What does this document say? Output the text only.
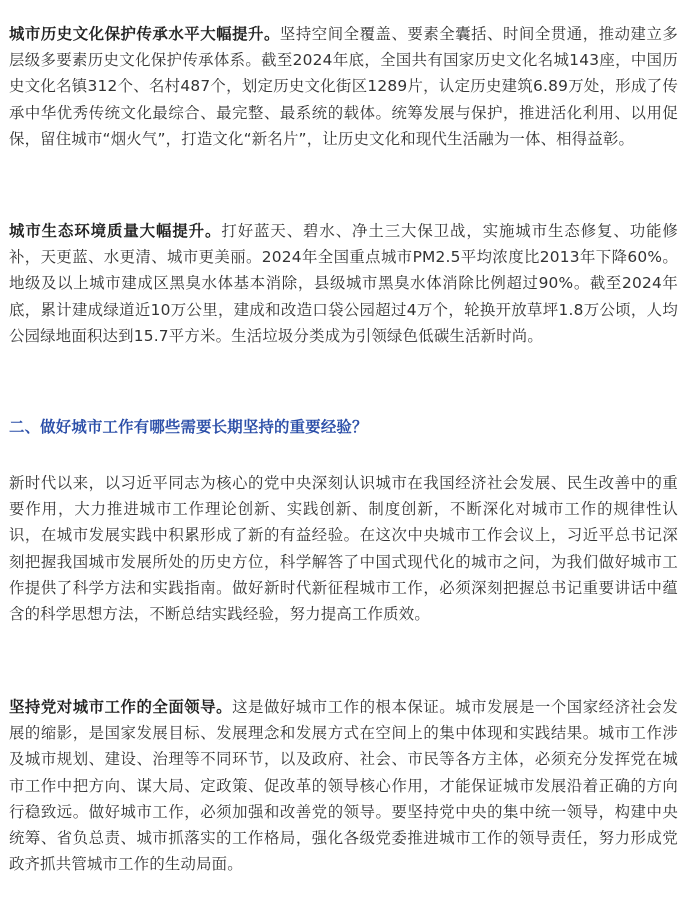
城市历史文化保护传承水平大幅提升。坚持空间全覆盖、要素全囊括、时间全贯通，推动建立多层级多要素历史文化保护传承体系。截至2024年底，全国共有国家历史文化名城143座，中国历史文化名镇312个、名村487个，划定历史文化街区1289片，认定历史建筑6.89万处，形成了传承中华优秀传统文化最综合、最完整、最系统的载体。统筹发展与保护，推进活化利用、以用促保，留住城市“烟火气”，打造文化“新名片”，让历史文化和现代生活融为一体、相得益彰。

城市生态环境质量大幅提升。打好蓝天、碧水、净土三大保卫战，实施城市生态修复、功能修补，天更蓝、水更清、城市更美丽。2024年全国重点城市PM2.5平均浓度比2013年下降60%。地级及以上城市建成区黑臭水体基本消除，县级城市黑臭水体消除比例超过90%。截至2024年底，累计建成绿道近10万公里，建成和改造口袋公园超过4万个，轮换开放草坪1.8万公顷，人均公园绿地面积达到15.7平方米。生活垃圾分类成为引领绿色低碳生活新时尚。

二、做好城市工作有哪些需要长期坚持的重要经验？

新时代以来，以习近平同志为核心的党中央深刻认识城市在我国经济社会发展、民生改善中的重要作用，大力推进城市工作理论创新、实践创新、制度创新，不断深化对城市工作的规律性认识，在城市发展实践中积累形成了新的有益经验。在这次中央城市工作会议上，习近平总书记深刻把握我国城市发展所处的历史方位，科学解答了中国式现代化的城市之问，为我们做好城市工作提供了科学方法和实践指南。做好新时代新征程城市工作，必须深刻把握总书记重要讲话中蕴含的科学思想方法，不断总结实践经验，努力提高工作质效。

坚持党对城市工作的全面领导。这是做好城市工作的根本保证。城市发展是一个国家经济社会发展的缩影，是国家发展目标、发展理念和发展方式在空间上的集中体现和实践结果。城市工作涉及城市规划、建设、治理等不同环节，以及政府、社会、市民等各方主体，必须充分发挥党在城市工作中把方向、谋大局、定政策、促改革的领导核心作用，才能保证城市发展沿着正确的方向行稳致远。做好城市工作，必须加强和改善党的领导。要坚持党中央的集中统一领导，构建中央统筹、省负总责、城市抓落实的工作格局，强化各级党委推进城市工作的领导责任，努力形成党政齐抓共管城市工作的生动局面。
